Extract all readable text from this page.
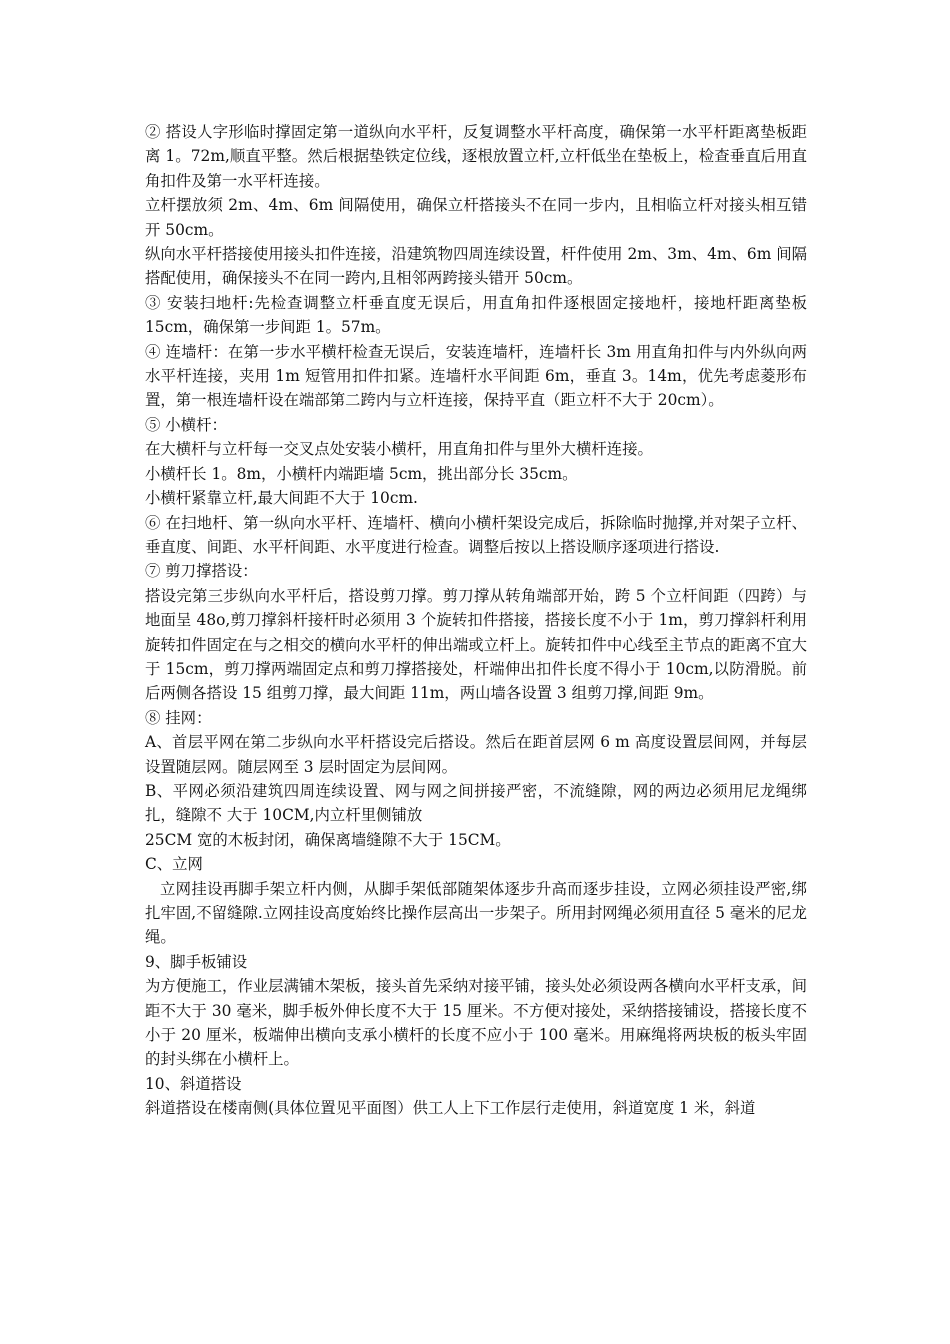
② 搭设人字形临时撑固定第一道纵向水平杆，反复调整水平杆高度，确保第一水平杆距离垫板距离 1。72m,顺直平整。然后根据垫铁定位线，逐根放置立杆,立杆低坐在垫板上，检查垂直后用直角扣件及第一水平杆连接。

立杆摆放须 2m、4m、6m 间隔使用，确保立杆搭接头不在同一步内，且相临立杆对接头相互错开 50cm。

纵向水平杆搭接使用接头扣件连接，沿建筑物四周连续设置，杆件使用 2m、3m、4m、6m 间隔搭配使用，确保接头不在同一跨内,且相邻两跨接头错开 50cm。

③ 安装扫地杆:先检查调整立杆垂直度无误后，用直角扣件逐根固定接地杆，接地杆距离垫板 15cm，确保第一步间距 1。57m。

④ 连墙杆：在第一步水平横杆检查无误后，安装连墙杆，连墙杆长 3m 用直角扣件与内外纵向两水平杆连接，夹用 1m 短管用扣件扣紧。连墙杆水平间距 6m，垂直 3。14m，优先考虑菱形布置，第一根连墙杆设在端部第二跨内与立杆连接，保持平直（距立杆不大于 20cm）。

⑤ 小横杆：

在大横杆与立杆每一交叉点处安装小横杆，用直角扣件与里外大横杆连接。

小横杆长 1。8m，小横杆内端距墙 5cm，挑出部分长 35cm。

小横杆紧靠立杆,最大间距不大于 10cm.

⑥ 在扫地杆、第一纵向水平杆、连墙杆、横向小横杆架设完成后，拆除临时抛撑,并对架子立杆、垂直度、间距、水平杆间距、水平度进行检查。调整后按以上搭设顺序逐项进行搭设.

⑦ 剪刀撑搭设：

搭设完第三步纵向水平杆后，搭设剪刀撑。剪刀撑从转角端部开始，跨 5 个立杆间距（四跨）与地面呈 48o,剪刀撑斜杆接杆时必须用 3 个旋转扣件搭接，搭接长度不小于 1m，剪刀撑斜杆利用旋转扣件固定在与之相交的横向水平杆的伸出端或立杆上。旋转扣件中心线至主节点的距离不宜大于 15cm，剪刀撑两端固定点和剪刀撑搭接处，杆端伸出扣件长度不得小于 10cm,以防滑脱。前后两侧各搭设 15 组剪刀撑，最大间距 11m，两山墙各设置 3 组剪刀撑,间距 9m。

⑧ 挂网：

A、首层平网在第二步纵向水平杆搭设完后搭设。然后在距首层网 6 m 高度设置层间网，并每层设置随层网。随层网至 3 层时固定为层间网。

B、平网必须沿建筑四周连续设置、网与网之间拼接严密，不流缝隙，网的两边必须用尼龙绳绑扎，缝隙不 大于 10CM,内立杆里侧铺放

25CM 宽的木板封闭，确保离墙缝隙不大于 15CM。

C、立网

立网挂设再脚手架立杆内侧，从脚手架低部随架体逐步升高而逐步挂设，立网必须挂设严密,绑扎牢固,不留缝隙.立网挂设高度始终比操作层高出一步架子。所用封网绳必须用直径 5 毫米的尼龙绳。

9、脚手板铺设

为方便施工，作业层满铺木架板，接头首先采纳对接平铺，接头处必须设两各横向水平杆支承，间距不大于 30 毫米，脚手板外伸长度不大于 15 厘米。不方便对接处，采纳搭接铺设，搭接长度不小于 20 厘米，板端伸出横向支承小横杆的长度不应小于 100 毫米。用麻绳将两块板的板头牢固的封头绑在小横杆上。

10、斜道搭设

斜道搭设在楼南侧(具体位置见平面图）供工人上下工作层行走使用，斜道宽度 1 米，斜道
